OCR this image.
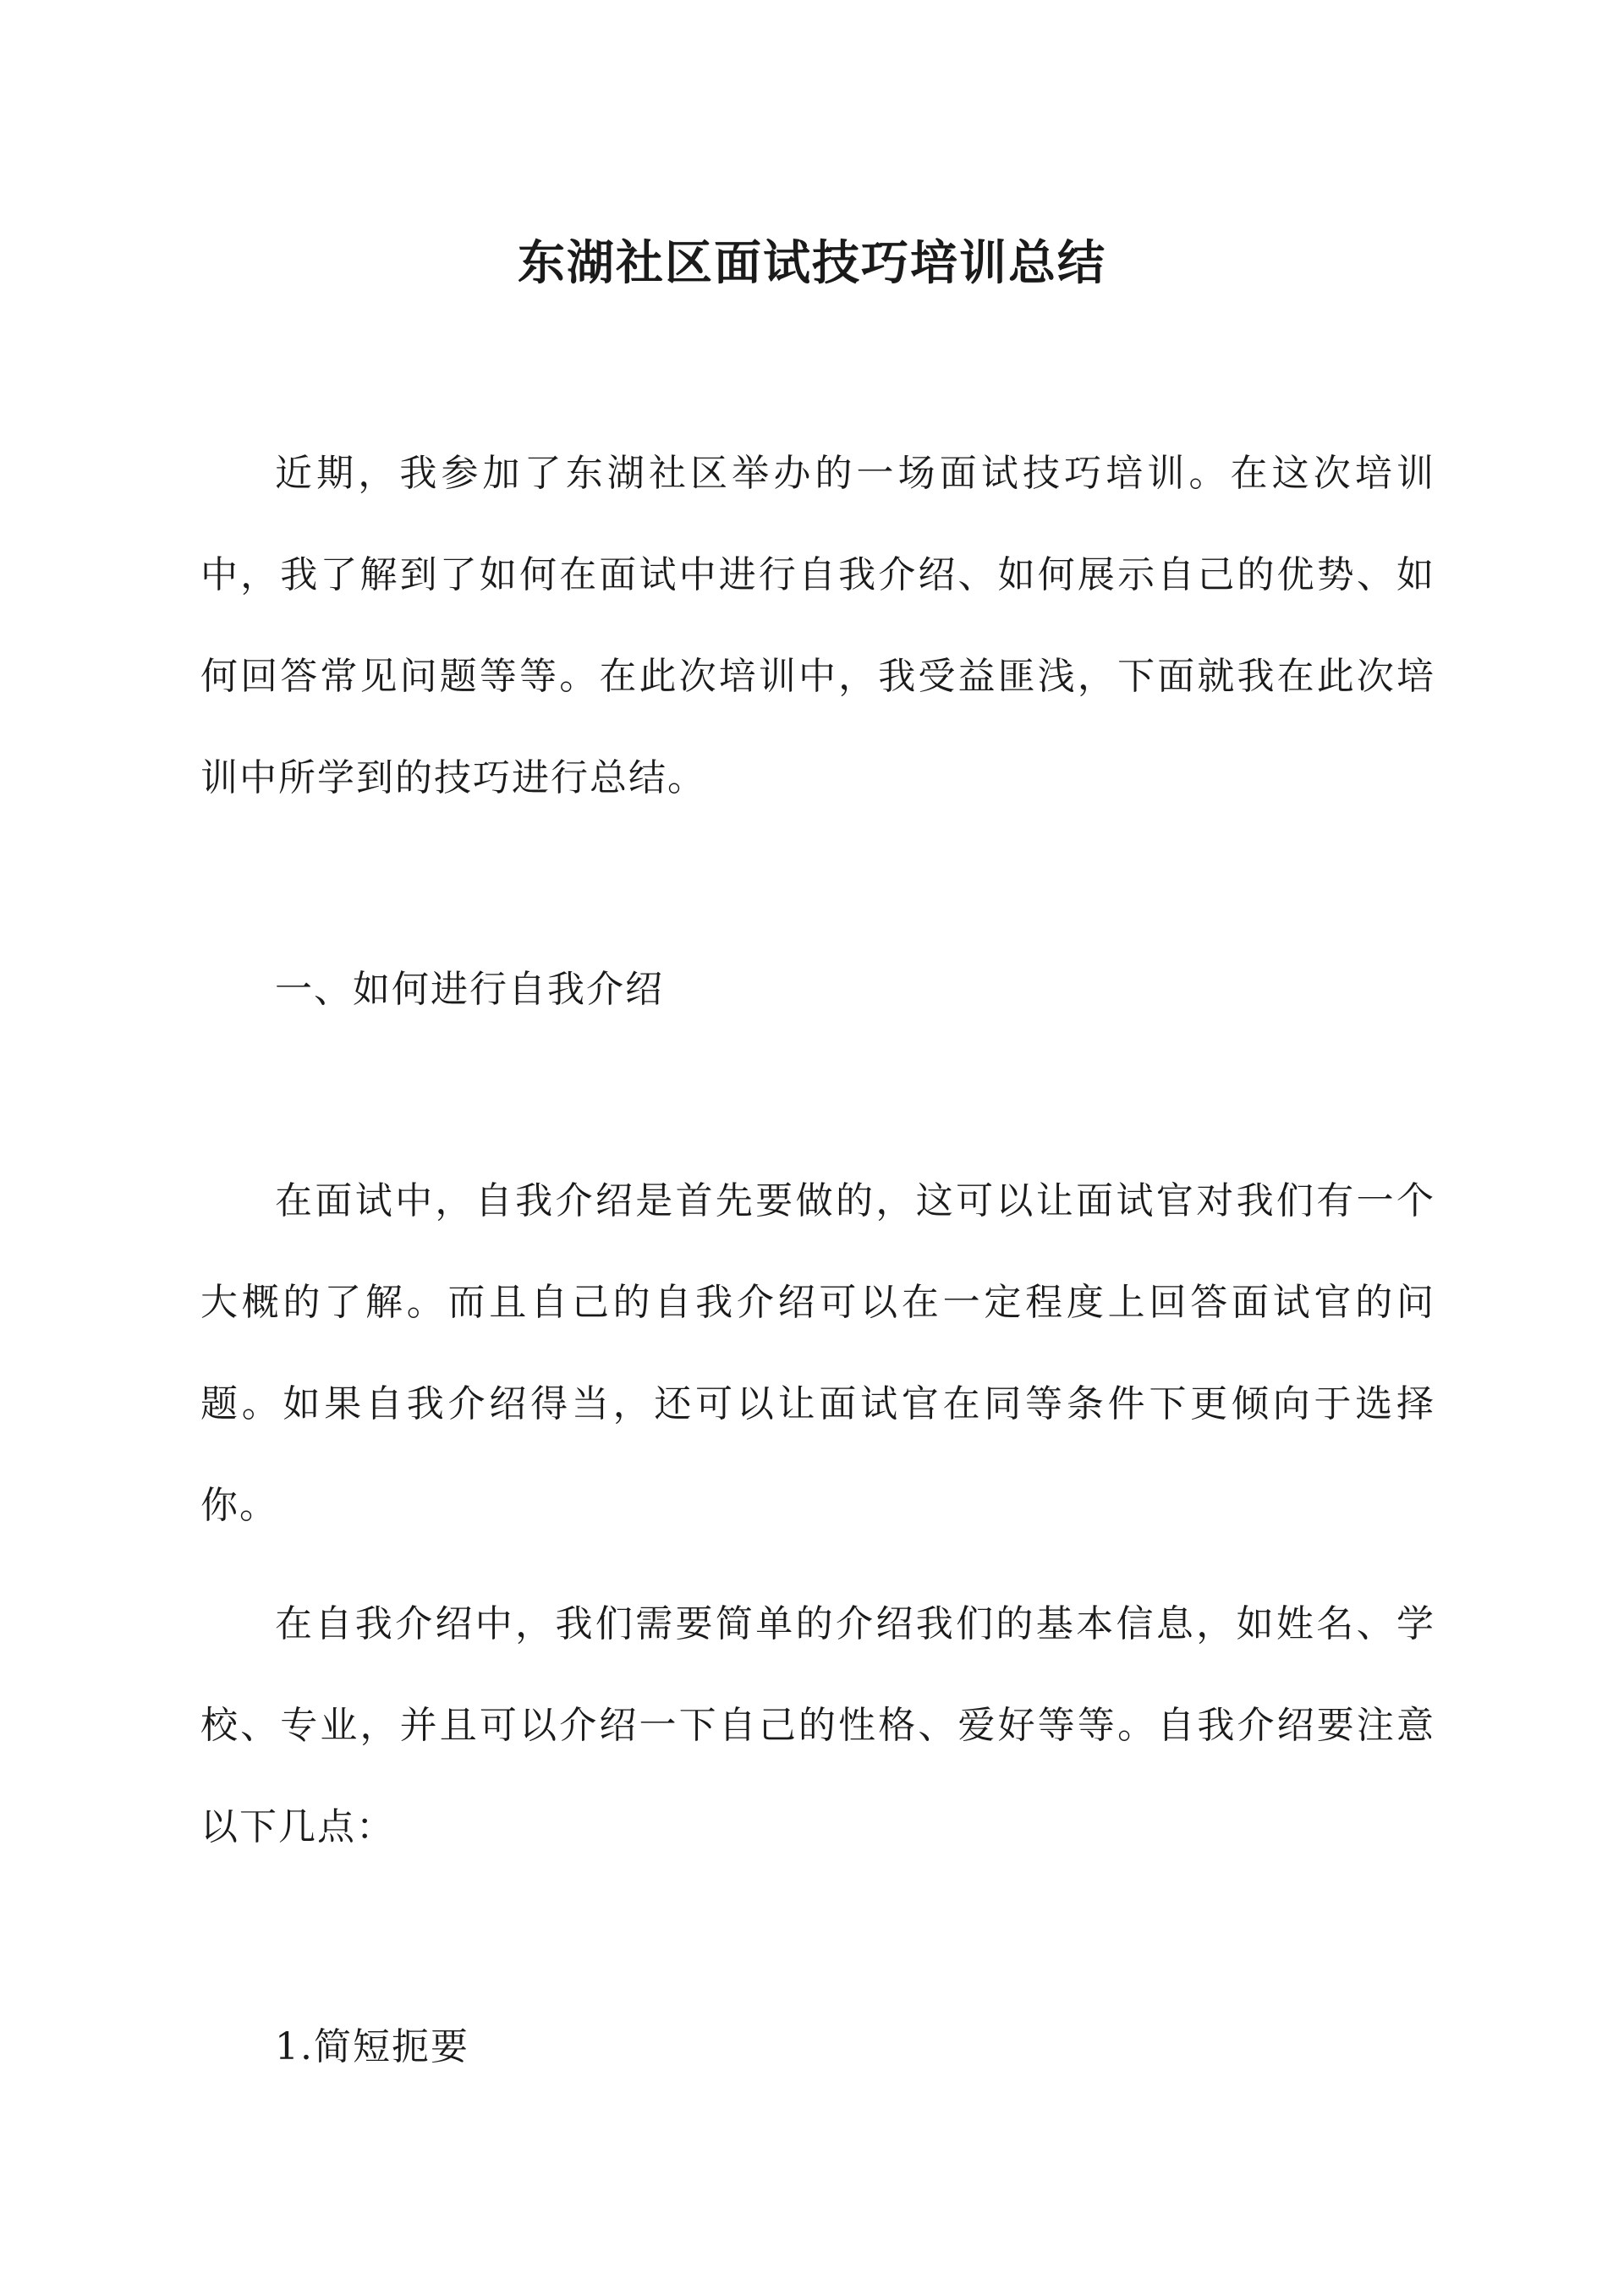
东湖社区面试技巧培训总结

近期，我参加了东湖社区举办的一场面试技巧培训。在这次培训中，我了解到了如何在面试中进行自我介绍、如何展示自己的优势、如何回答常见问题等等。在此次培训中，我受益匪浅，下面就我在此次培训中所学到的技巧进行总结。

一、如何进行自我介绍

在面试中，自我介绍是首先要做的，这可以让面试官对我们有一个大概的了解。而且自己的自我介绍可以在一定程度上回答面试官的问题。如果自我介绍得当，还可以让面试官在同等条件下更倾向于选择你。

在自我介绍中，我们需要简单的介绍我们的基本信息，如姓名、学校、专业，并且可以介绍一下自己的性格、爱好等等。自我介绍要注意以下几点：

1.简短扼要
